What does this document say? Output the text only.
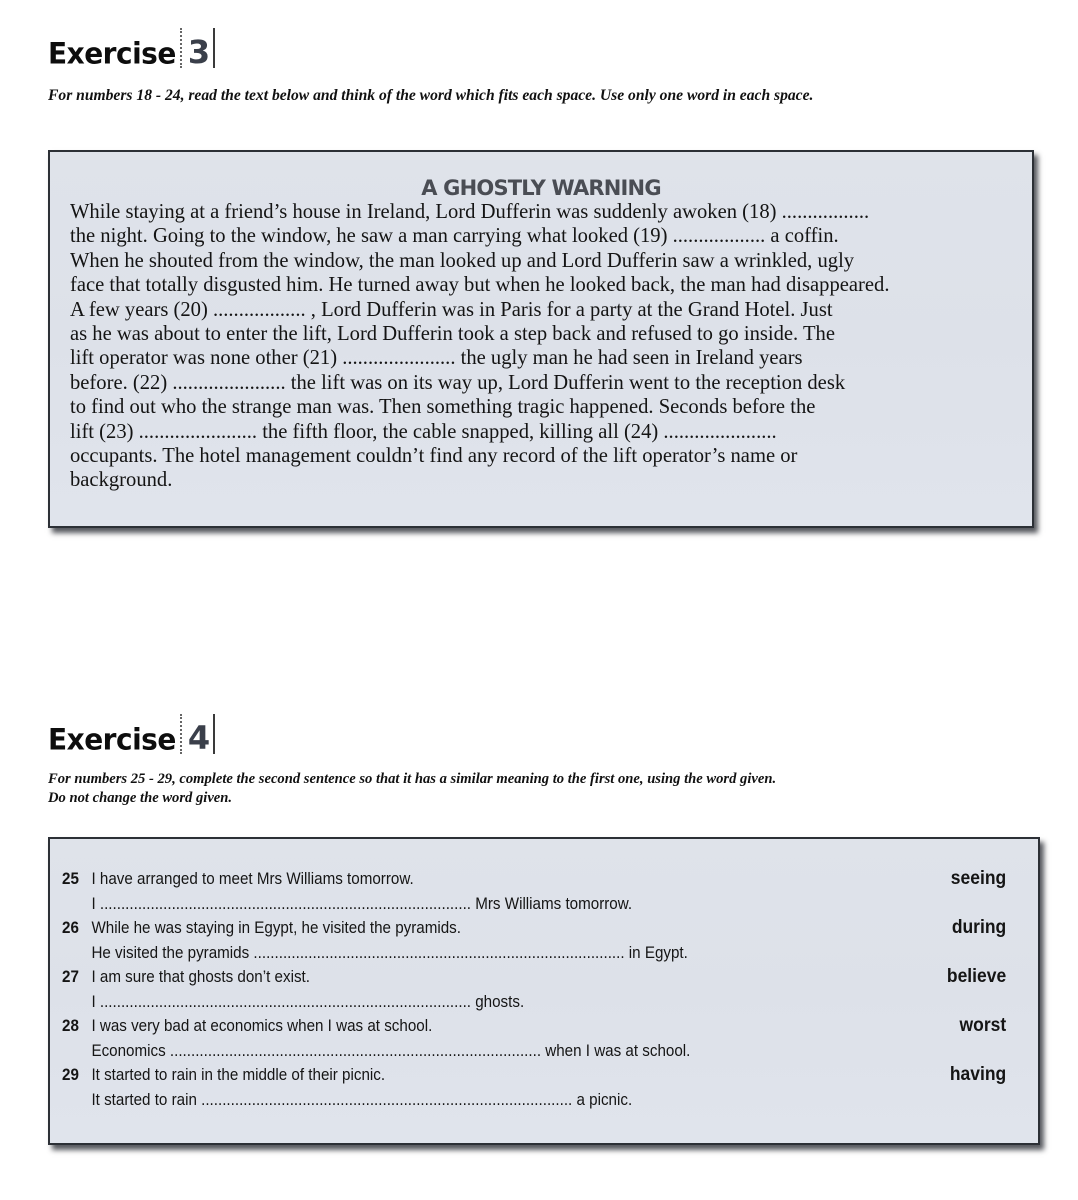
Exercise 3
For numbers 18 - 24, read the text below and think of the word which fits each space. Use only one word in each space.
A GHOSTLY WARNING
While staying at a friend’s house in Ireland, Lord Dufferin was suddenly awoken (18) .................
the night. Going to the window, he saw a man carrying what looked (19) .................. a coffin.
When he shouted from the window, the man looked up and Lord Dufferin saw a wrinkled, ugly
face that totally disgusted him. He turned away but when he looked back, the man had disappeared.
A few years (20) .................. , Lord Dufferin was in Paris for a party at the Grand Hotel. Just
as he was about to enter the lift, Lord Dufferin took a step back and refused to go inside. The
lift operator was none other (21) ...................... the ugly man he had seen in Ireland years
before. (22) ...................... the lift was on its way up, Lord Dufferin went to the reception desk
to find out who the strange man was. Then something tragic happened. Seconds before the
lift (23) ....................... the fifth floor, the cable snapped, killing all (24) ......................
occupants. The hotel management couldn’t find any record of the lift operator’s name or
background.
Exercise 4
For numbers 25 - 29, complete the second sentence so that it has a similar meaning to the first one, using the word given.
Do not change the word given.
25 I have arranged to meet Mrs Williams tomorrow.	seeing
I ........................................................................................ Mrs Williams tomorrow.
26 While he was staying in Egypt, he visited the pyramids.	during
He visited the pyramids ........................................................................................ in Egypt.
27 I am sure that ghosts don’t exist.	believe
I ........................................................................................ ghosts.
28 I was very bad at economics when I was at school.	worst
Economics ........................................................................................ when I was at school.
29 It started to rain in the middle of their picnic.	having
It started to rain ........................................................................................ a picnic.
